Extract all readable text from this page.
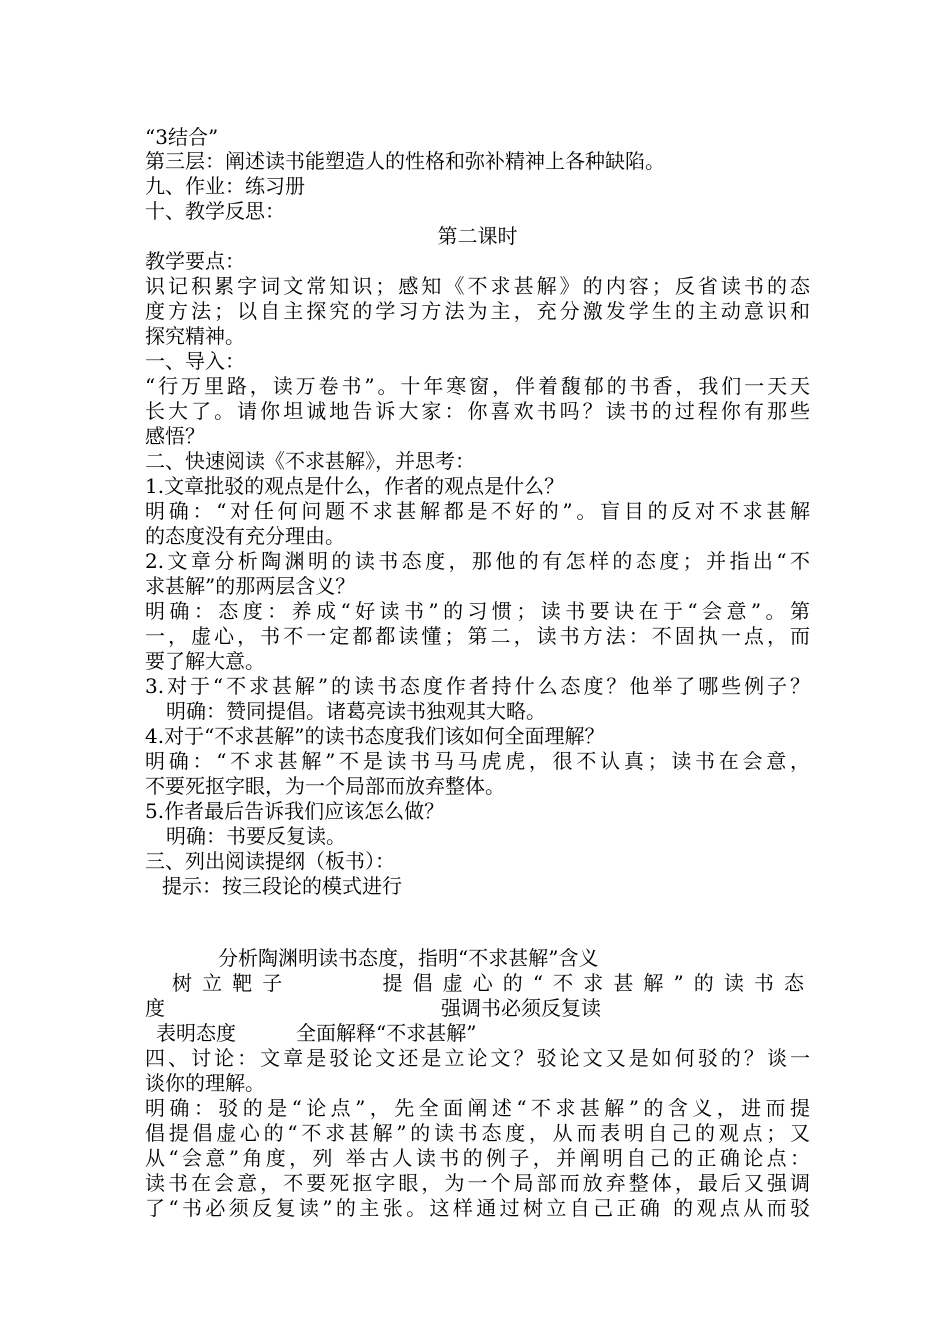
“3结合”
第三层：阐述读书能塑造人的性格和弥补精神上各种缺陷。
九、作业：练习册
十、教学反思：
第二课时
教学要点：
识记积累字词文常知识；感知《不求甚解》的内容；反省读书的态
度方法；以自主探究的学习方法为主，充分激发学生的主动意识和
探究精神。
一、导入：
“行万里路，读万卷书”。十年寒窗，伴着馥郁的书香，我们一天天
长大了。请你坦诚地告诉大家：你喜欢书吗？读书的过程你有那些
感悟？
二、快速阅读《不求甚解》，并思考：
1.文章批驳的观点是什么，作者的观点是什么？
明确：“对任何问题不求甚解都是不好的”。盲目的反对不求甚解
的态度没有充分理由。
2.文章分析陶渊明的读书态度，那他的有怎样的态度；并指出“不
求甚解”的那两层含义？
明确：态度：养成“好读书”的习惯；读书要诀在于“会意”。第
一，虚心，书不一定都都读懂；第二，读书方法：不固执一点，而
要了解大意。
3.对于“不求甚解”的读书态度作者持什么态度？他举了哪些例子？
明确：赞同提倡。诸葛亮读书独观其大略。
4.对于“不求甚解”的读书态度我们该如何全面理解？
明确：“不求甚解”不是读书马马虎虎，很不认真；读书在会意，
不要死抠字眼，为一个局部而放弃整体。
5.作者最后告诉我们应该怎么做？
明确：书要反复读。
三、列出阅读提纲（板书）：
提示：按三段论的模式进行
分析陶渊明读书态度，指明“不求甚解”含义
树立靶子　　　提倡虚心的“不求甚解”的读书态
度	强调书必须反复读
表明态度	全面解释“不求甚解”
四、讨论：文章是驳论文还是立论文？驳论文又是如何驳的？谈一
谈你的理解。
明确：驳的是“论点”，先全面阐述“不求甚解”的含义，进而提
倡提倡虚心的“不求甚解”的读书态度，从而表明自己的观点；又
从“会意”角度，列 举古人读书的例子，并阐明自己的正确论点：
读书在会意，不要死抠字眼，为一个局部而放弃整体，最后又强调
了“书必须反复读”的主张。这样通过树立自己正确 的观点从而驳
